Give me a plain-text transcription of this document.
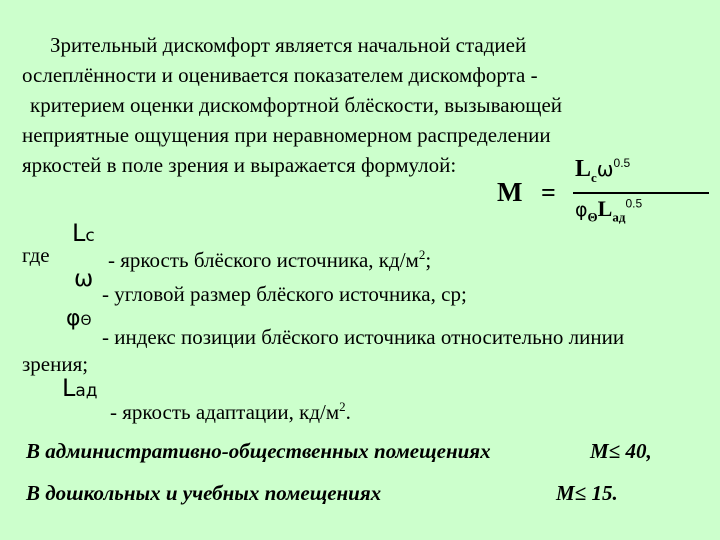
Зрительный дискомфорт является начальной стадией
ослеплённости и оценивается показателем дискомфорта -
критерием оценки дискомфортной блёскости, вызывающей
неприятные ощущения при неравномерном распределении
яркостей в поле зрения и выражается формулой:
M =
$L_c\omega^{0.5}$
$\varphi_\Theta L_{ад}^{0.5}$
где
Lс
- яркость блёского источника, $кд/м^2$;
ω
- угловой размер блёского источника, ср;
φΘ
- индекс позиции блёского источника относительно линии
зрения;
Lад
- яркость адаптации, $кд/м^2$.
В административно-общественных помещениях	М≤ 40,
В дошкольных и учебных помещениях	М≤ 15.
